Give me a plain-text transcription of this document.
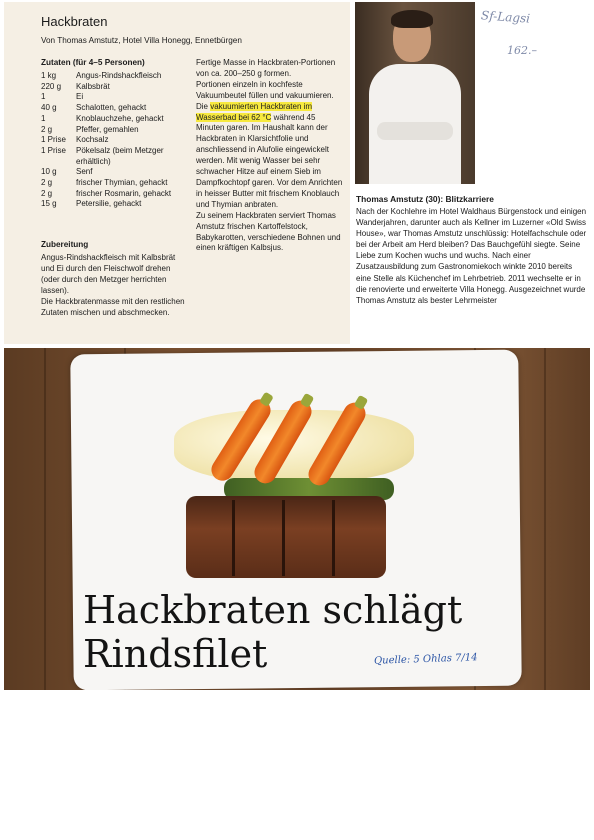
Hackbraten
Von Thomas Amstutz, Hotel Villa Honegg, Ennetbürgen
Zutaten (für 4–5 Personen)
1 kg	Angus-Rindshackfleisch
220 g	Kalbsbrät
1	Ei
40 g	Schalotten, gehackt
1	Knoblauchzehe, gehackt
2 g	Pfeffer, gemahlen
1 Prise	Kochsalz
1 Prise	Pökelsalz (beim Metzger erhältlich)
10 g	Senf
2 g	frischer Thymian, gehackt
2 g	frischer Rosmarin, gehackt
15 g	Petersilie, gehackt
Zubereitung

Angus-Rindshackfleisch mit Kalbsbrät und Ei durch den Fleischwolf drehen (oder durch den Metzger herrichten lassen).

Die Hackbratenmasse mit den restlichen Zutaten mischen und abschmecken.

Fertige Masse in Hackbraten-Portionen von ca. 200–250 g formen.

Portionen einzeln in kochfeste Vakuumbeutel füllen und vakuumieren. Die vakuumierten Hackbraten im Wasserbad bei 62 °C während 45 Minuten garen. Im Haushalt kann der Hackbraten in Klarsichtfolie und anschliessend in Alufolie eingewickelt werden. Mit wenig Wasser bei sehr schwacher Hitze auf einem Sieb im Dampfkochtopf garen. Vor dem Anrichten in heisser Butter mit frischem Knoblauch und Thymian anbraten.

Zu seinem Hackbraten serviert Thomas Amstutz frischen Kartoffelstock, Babykarotten, verschiedene Bohnen und einen kräftigen Kalbsjus.

Sf-Lagsi
162.–
Thomas Amstutz (30): Blitzkarriere
Nach der Kochlehre im Hotel Waldhaus Bürgenstock und einigen Wanderjahren, darunter auch als Kellner im Luzerner «Old Swiss House», war Thomas Amstutz unschlüssig: Hotelfachschule oder bei der Arbeit am Herd bleiben? Das Bauchgefühl siegte. Seine Liebe zum Kochen wuchs und wuchs. Nach einer Zusatzausbildung zum Gastronomiekoch winkte 2010 bereits eine Stelle als Küchenchef im Lehrbetrieb. 2011 wechselte er in die renovierte und erweiterte Villa Honegg. Ausgezeichnet wurde Thomas Amstutz als bester Lehrmeister
Hackbraten schlägt
Rindsfilet	Quelle: 5 Ohlas 7/14
